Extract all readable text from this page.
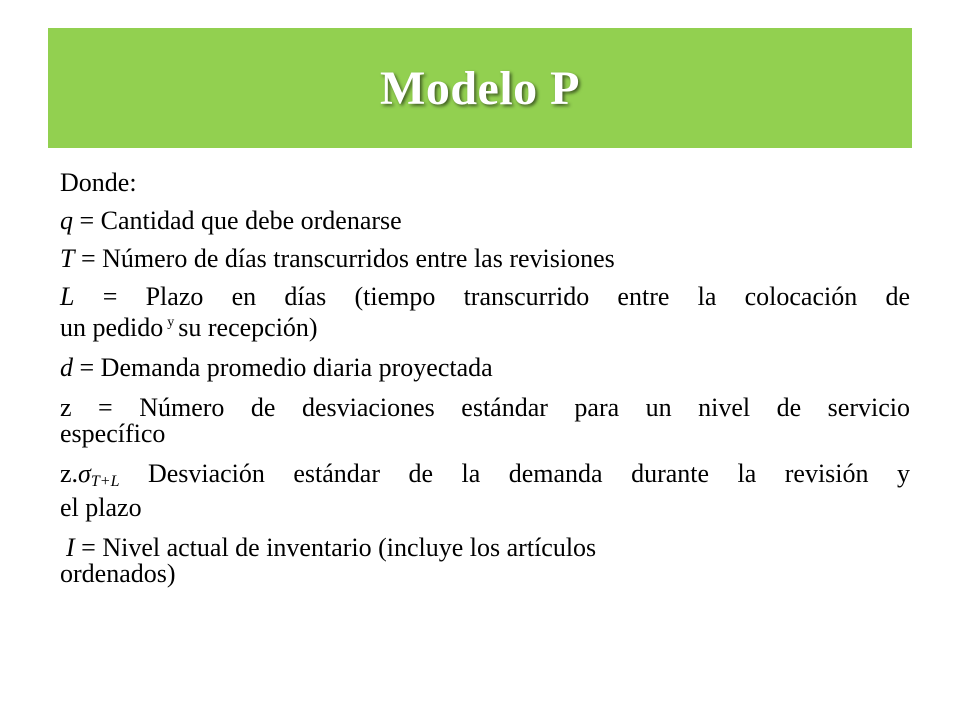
Modelo P

Donde:

q = Cantidad que debe ordenarse

T = Número de días transcurridos entre las revisiones

L = Plazo en días (tiempo transcurrido entre la colocación de

un pedido $^y$ su recepción)

d = Demanda promedio diaria proyectada

z = Número de desviaciones estándar para un nivel de servicio

específico

$z.\sigma_{T+L}$ Desviación estándar de la demanda durante la revisión y

el plazo

I = Nivel actual de inventario (incluye los artículos

ordenados)
